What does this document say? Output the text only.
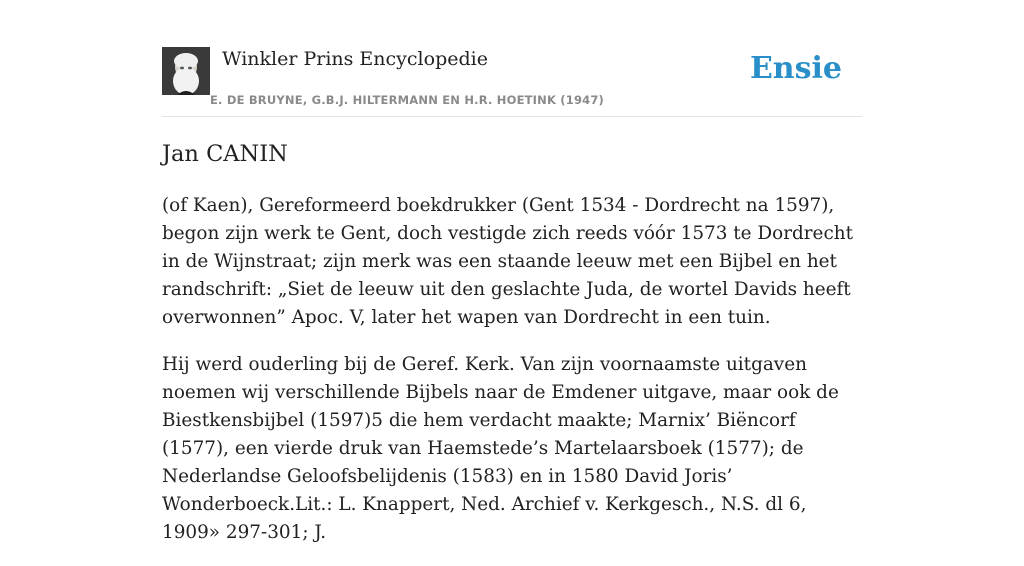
Winkler Prins Encyclopedie
E. DE BRUYNE, G.B.J. HILTERMANN EN H.R. HOETINK (1947)
Ensie
Jan CANIN

(of Kaen), Gereformeerd boekdrukker (Gent 1534 - Dordrecht na 1597), begon zijn werk te Gent, doch vestigde zich reeds vóór 1573 te Dordrecht in de Wijnstraat; zijn merk was een staande leeuw met een Bijbel en het randschrift: „Siet de leeuw uit den geslachte Juda, de wortel Davids heeft overwonnen” Apoc. V, later het wapen van Dordrecht in een tuin.

Hij werd ouderling bij de Geref. Kerk. Van zijn voornaamste uitgaven noemen wij verschillende Bijbels naar de Emdener uitgave, maar ook de Biestkensbijbel (1597)5 die hem verdacht maakte; Marnix’ Biëncorf (1577), een vierde druk van Haemstede’s Martelaarsboek (1577); de Nederlandse Geloofsbelijdenis (1583) en in 1580 David Joris’ Wonderboeck.Lit.: L. Knappert, Ned. Archief v. Kerkgesch., N.S. dl 6, 1909» 297-301; J.
